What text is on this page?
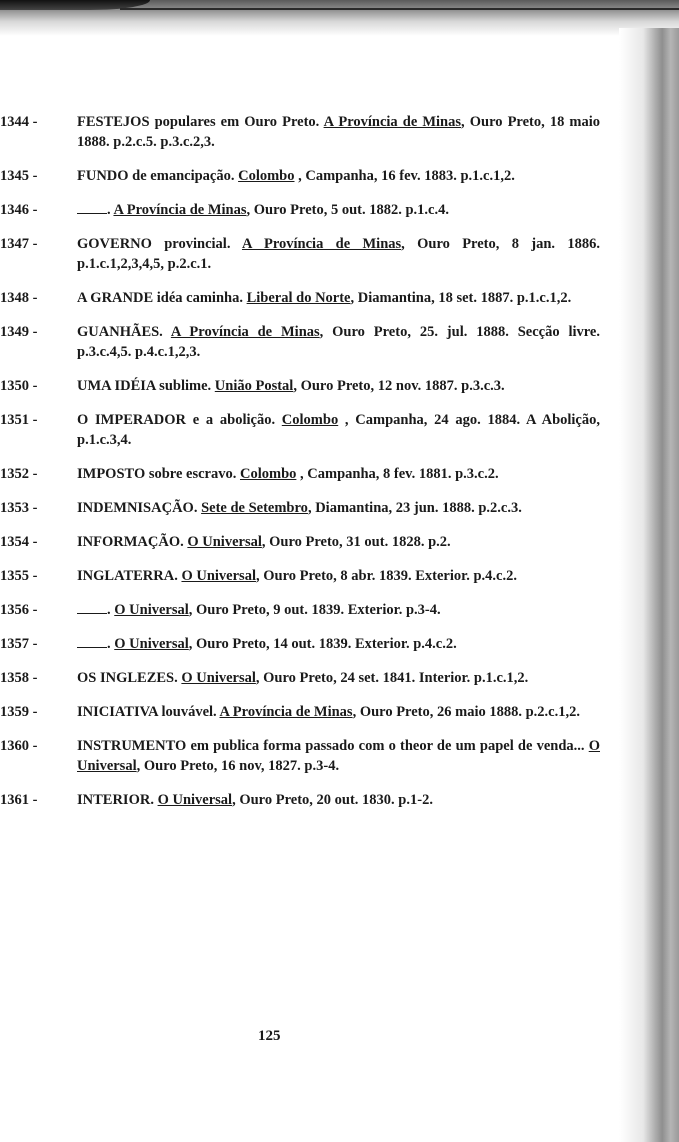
1344 -	FESTEJOS populares em Ouro Preto. A Província de Minas, Ouro Preto, 18 maio 1888. p.2.c.5. p.3.c.2,3.
1345 -	FUNDO de emancipação. Colombo , Campanha, 16 fev. 1883. p.1.c.1,2.
1346 -	. A Província de Minas, Ouro Preto, 5 out. 1882. p.1.c.4.
1347 -	GOVERNO provincial. A Província de Minas, Ouro Preto, 8 jan. 1886. p.1.c.1,2,3,4,5, p.2.c.1.
1348 -	A GRANDE idéa caminha. Liberal do Norte, Diamantina, 18 set. 1887. p.1.c.1,2.
1349 -	GUANHÃES. A Província de Minas, Ouro Preto, 25. jul. 1888. Secção livre. p.3.c.4,5. p.4.c.1,2,3.
1350 -	UMA IDÉIA sublime. União Postal, Ouro Preto, 12 nov. 1887. p.3.c.3.
1351 -	O IMPERADOR e a abolição. Colombo , Campanha, 24 ago. 1884. A Abolição, p.1.c.3,4.
1352 -	IMPOSTO sobre escravo. Colombo , Campanha, 8 fev. 1881. p.3.c.2.
1353 -	INDEMNISAÇÃO. Sete de Setembro, Diamantina, 23 jun. 1888. p.2.c.3.
1354 -	INFORMAÇÃO. O Universal, Ouro Preto, 31 out. 1828. p.2.
1355 -	INGLATERRA. O Universal, Ouro Preto, 8 abr. 1839. Exterior. p.4.c.2.
1356 -	. O Universal, Ouro Preto, 9 out. 1839. Exterior. p.3-4.
1357 -	. O Universal, Ouro Preto, 14 out. 1839. Exterior. p.4.c.2.
1358 -	OS INGLEZES. O Universal, Ouro Preto, 24 set. 1841. Interior. p.1.c.1,2.
1359 -	INICIATIVA louvável. A Província de Minas, Ouro Preto, 26 maio 1888. p.2.c.1,2.
1360 -	INSTRUMENTO em publica forma passado com o theor de um papel de venda... O Universal, Ouro Preto, 16 nov, 1827. p.3-4.
1361 -	INTERIOR. O Universal, Ouro Preto, 20 out. 1830. p.1-2.
125
